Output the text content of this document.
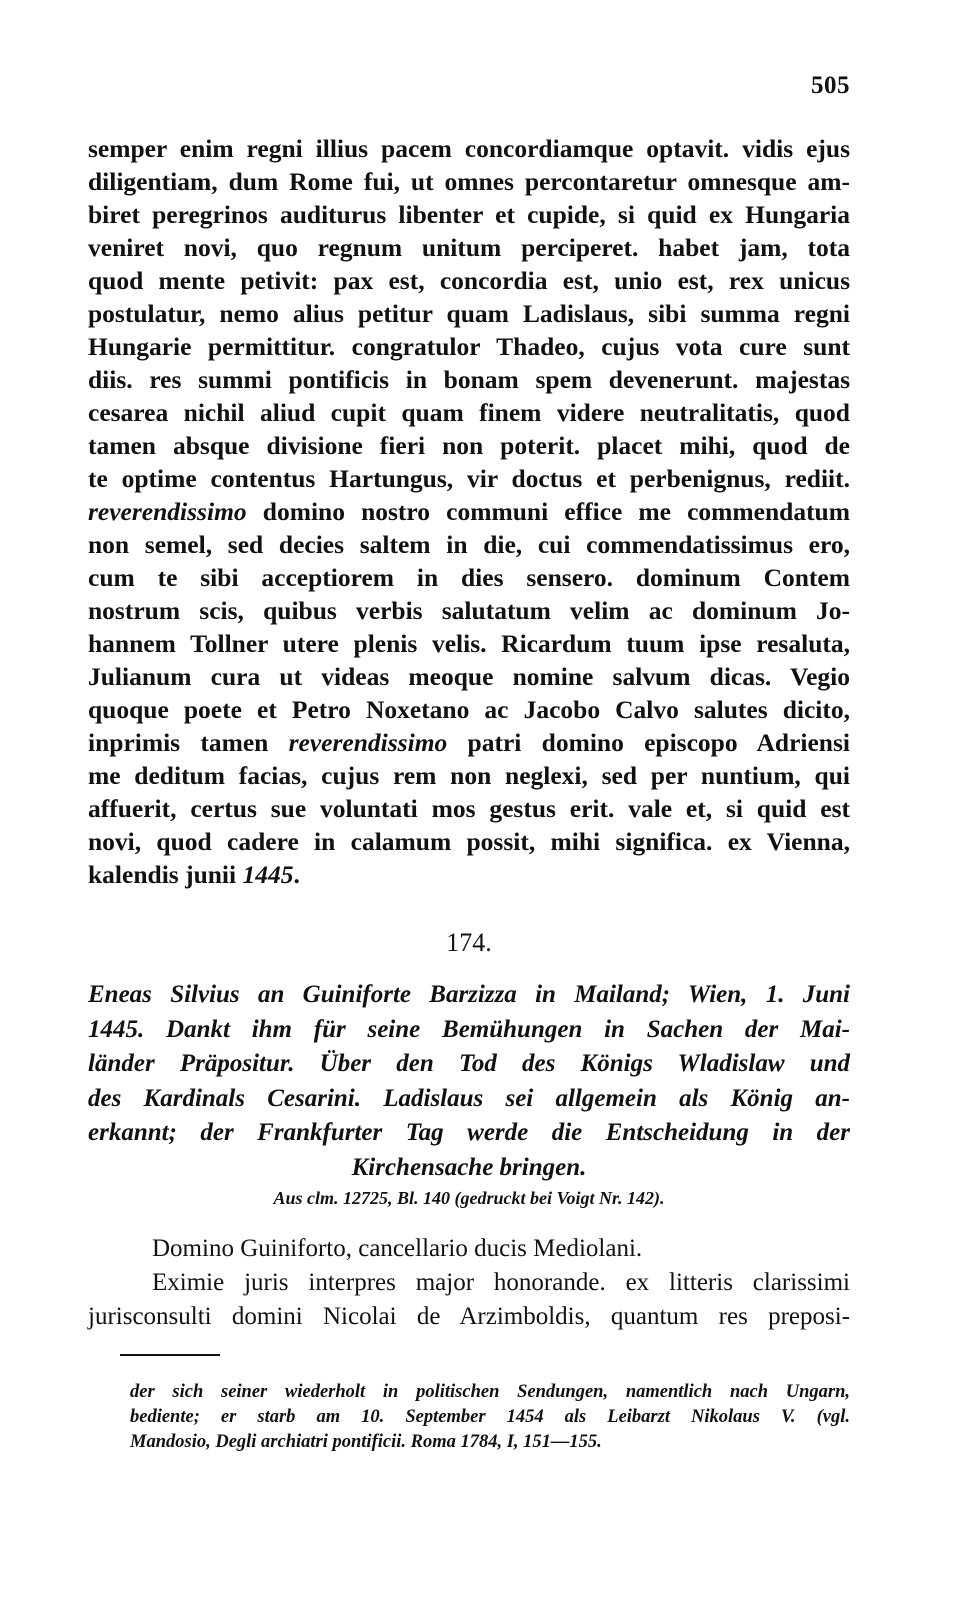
505
semper enim regni illius pacem concordiamque optavit. vidis ejus
diligentiam, dum Rome fui, ut omnes percontaretur omnesque am-
biret peregrinos auditurus libenter et cupide, si quid ex Hungaria
veniret novi, quo regnum unitum perciperet. habet jam, tota
quod mente petivit: pax est, concordia est, unio est, rex unicus
postulatur, nemo alius petitur quam Ladislaus, sibi summa regni
Hungarie permittitur. congratulor Thadeo, cujus vota cure sunt
diis. res summi pontificis in bonam spem devenerunt. majestas
cesarea nichil aliud cupit quam finem videre neutralitatis, quod
tamen absque divisione fieri non poterit. placet mihi, quod de
te optime contentus Hartungus, vir doctus et perbenignus, rediit.
reverendissimo domino nostro communi effice me commendatum
non semel, sed decies saltem in die, cui commendatissimus ero,
cum te sibi acceptiorem in dies sensero. dominum Contem
nostrum scis, quibus verbis salutatum velim ac dominum Jo-
hannem Tollner utere plenis velis. Ricardum tuum ipse resaluta,
Julianum cura ut videas meoque nomine salvum dicas. Vegio
quoque poete et Petro Noxetano ac Jacobo Calvo salutes dicito,
inprimis tamen reverendissimo patri domino episcopo Adriensi
me deditum facias, cujus rem non neglexi, sed per nuntium, qui
affuerit, certus sue voluntati mos gestus erit. vale et, si quid est
novi, quod cadere in calamum possit, mihi significa. ex Vienna,
kalendis junii 1445.
174.
Eneas Silvius an Guiniforte Barzizza in Mailand; Wien, 1. Juni
1445. Dankt ihm für seine Bemühungen in Sachen der Mai-
länder Präpositur. Über den Tod des Königs Wladislaw und
des Kardinals Cesarini. Ladislaus sei allgemein als König an-
erkannt; der Frankfurter Tag werde die Entscheidung in der
Kirchensache bringen.
Aus clm. 12725, Bl. 140 (gedruckt bei Voigt Nr. 142).
Domino Guiniforto, cancellario ducis Mediolani.
Eximie juris interpres major honorande. ex litteris clarissimi
jurisconsulti domini Nicolai de Arzimboldis, quantum res preposi-
der sich seiner wiederholt in politischen Sendungen, namentlich nach Ungarn,
bediente; er starb am 10. September 1454 als Leibarzt Nikolaus V. (vgl.
Mandosio, Degli archiatri pontificii. Roma 1784, I, 151—155.
